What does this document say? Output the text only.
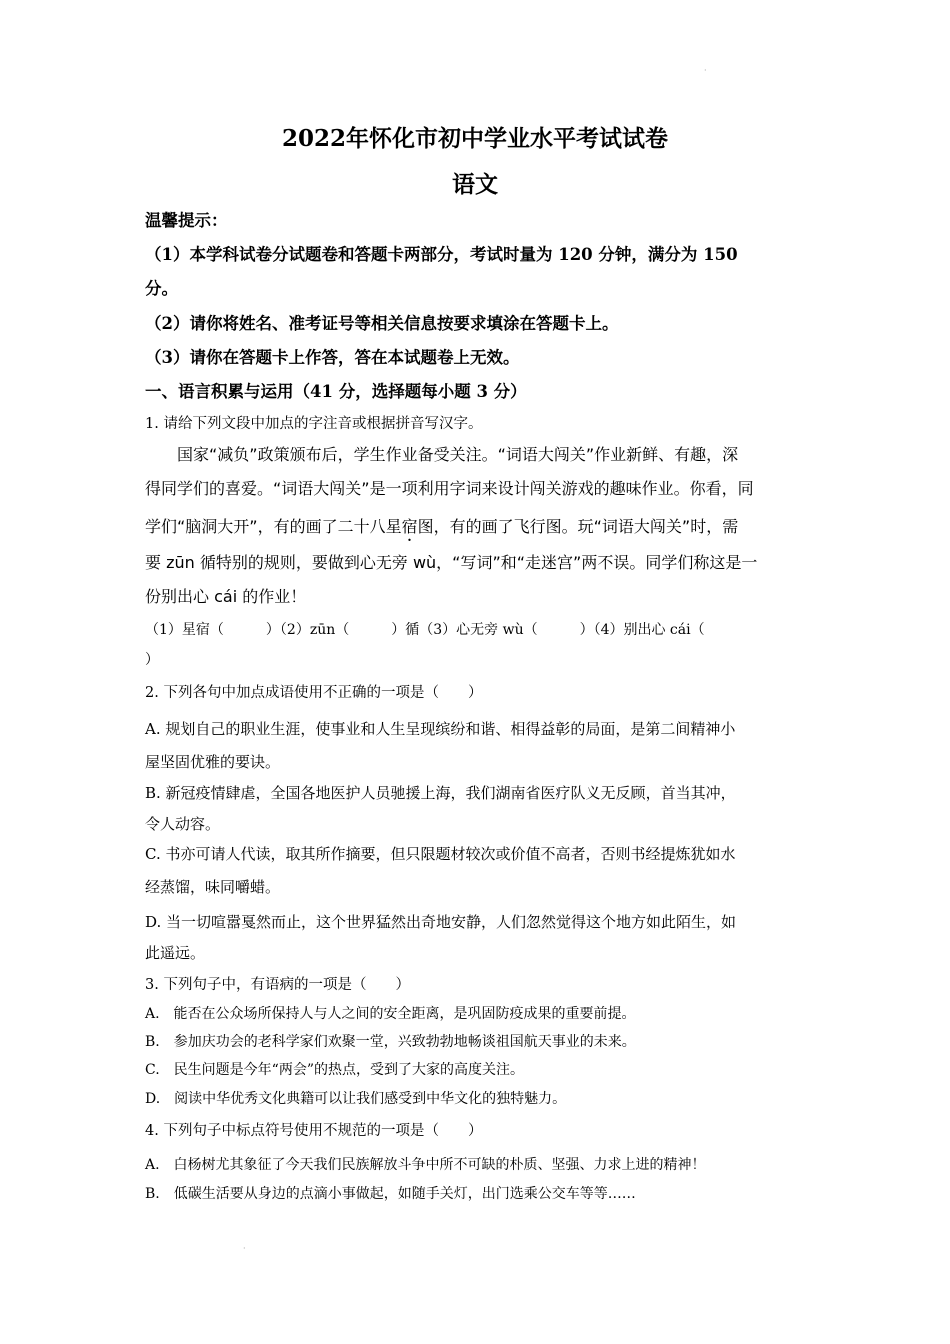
·
2022年怀化市初中学业水平考试试卷
语文
温馨提示：
（1）本学科试卷分试题卷和答题卡两部分，考试时量为 120 分钟，满分为 150
分。
（2）请你将姓名、准考证号等相关信息按要求填涂在答题卡上。
（3）请你在答题卡上作答，答在本试题卷上无效。
一、语言积累与运用（41 分，选择题每小题 3 分）
1. 请给下列文段中加点的字注音或根据拼音写汉字。
国家“减负”政策颁布后，学生作业备受关注。“词语大闯关”作业新鲜、有趣，深
得同学们的喜爱。“词语大闯关”是一项利用字词来设计闯关游戏的趣味作业。你看，同
学们“脑洞大开”，有的画了二十八星宿图，有的画了飞行图。玩“词语大闯关”时，需
要 zūn 循特别的规则，要做到心无旁 wù，“写词”和“走迷宫”两不误。同学们称这是一
份别出心 cái 的作业！
（1）星宿（　　　）（2）zūn（　　　）循（3）心无旁 wù（　　　）（4）别出心 cái（
）
2. 下列各句中加点成语使用不正确的一项是（　　）
A. 规划自己的职业生涯，使事业和人生呈现缤纷和谐、相得益彰的局面，是第二间精神小
屋坚固优雅的要诀。
B. 新冠疫情肆虐，全国各地医护人员驰援上海，我们湖南省医疗队义无反顾，首当其冲，
令人动容。
C. 书亦可请人代读，取其所作摘要，但只限题材较次或价值不高者，否则书经提炼犹如水
经蒸馏，味同嚼蜡。
D. 当一切喧嚣戛然而止，这个世界猛然出奇地安静，人们忽然觉得这个地方如此陌生，如
此遥远。
3. 下列句子中，有语病的一项是（　　）
A.　能否在公众场所保持人与人之间的安全距离，是巩固防疫成果的重要前提。
B.　参加庆功会的老科学家们欢聚一堂，兴致勃勃地畅谈祖国航天事业的未来。
C.　民生问题是今年“两会”的热点，受到了大家的高度关注。
D.　阅读中华优秀文化典籍可以让我们感受到中华文化的独特魅力。
4. 下列句子中标点符号使用不规范的一项是（　　）
A.　白杨树尤其象征了今天我们民族解放斗争中所不可缺的朴质、坚强、力求上进的精神！
B.　低碳生活要从身边的点滴小事做起，如随手关灯，出门选乘公交车等等……
·
